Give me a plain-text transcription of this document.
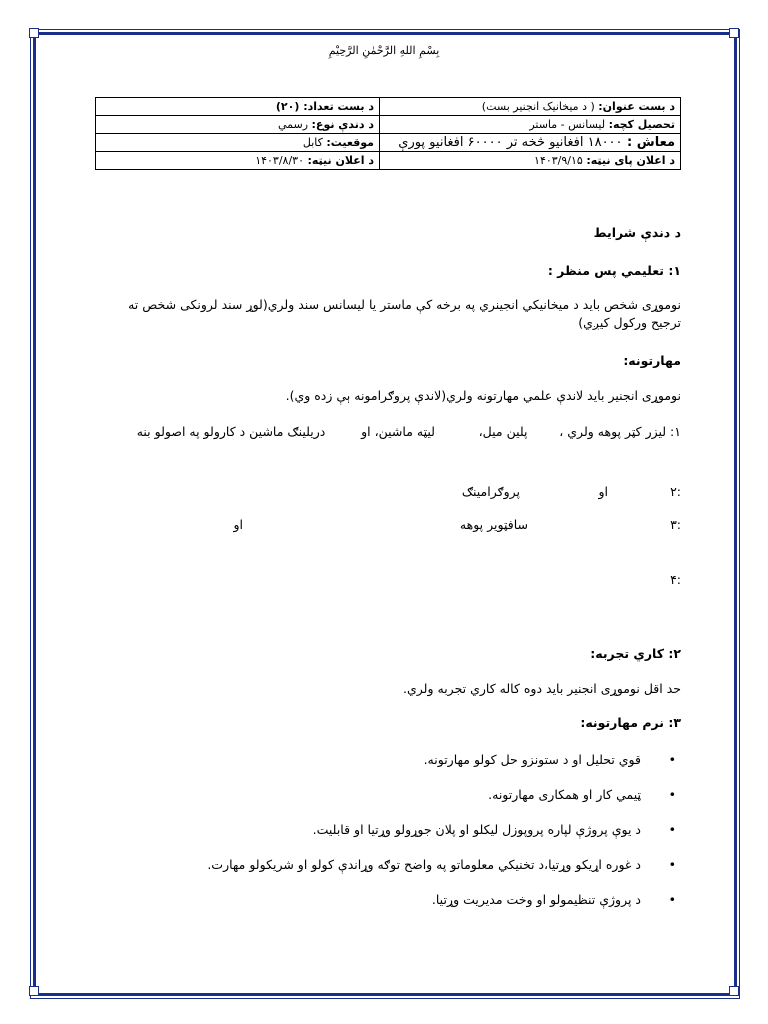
بِسْمِ اللهِ الرَّحْمٰنِ الرَّحِيْمِ
د بست عنوان: ( د میخانیک انجنیر بست)	د بست تعداد: (۲۰)
تحصیل کچه: لیسانس - ماستر	د دندې نوع: رسمي
معاش : ۱۸۰۰۰ افغانیو څخه تر ۶۰۰۰۰ افغانیو پورې	موقعیت: کابل
د اعلان پای نیټه: ۱۴۰۳/۹/۱۵	د اعلان نیټه: ۱۴۰۳/۸/۳۰
د دندې شرایط
۱: تعلیمي پس منظر :
نوموړی شخص باید د میخانیکي انجینري په برخه کې ماستر یا لیسانس سند ولري(لوړ سند لرونکی شخص ته ترجیح ورکول کیږي)
مهارتونه:
نوموړی انجنیر باید لاندې علمي مهارتونه ولري(لاندې پروګرامونه ېې زده وي).
۱: لیزر کټر پوهه ولري ،        پلین میل،           لیټه ماشین، او         دریلینګ ماشین د کارولو په اصولو بنه
:۲
او
پروګرامینګ
:۳
سافټویر پوهه
او
:۴
۲: کاري تجربه:
حد اقل نوموړی انجنیر باید دوه کاله کاري تجربه ولري.
۳: نرم مهارتونه:
•
قوي تحلیل او د ستونزو حل کولو مهارتونه.
•
ټیمي کار او همکاری مهارتونه.
•
د یوې پروژې لپاره پروپوزل لیکلو او پلان جوړولو وړتیا او قابلیت.
•
د غوره اړیکو وړتیا،د تخنیکي معلوماتو په واضح توګه وړاندې کولو او شریکولو مهارت.
•
د پروژې تنظیمولو او وخت مدیریت وړتیا.
